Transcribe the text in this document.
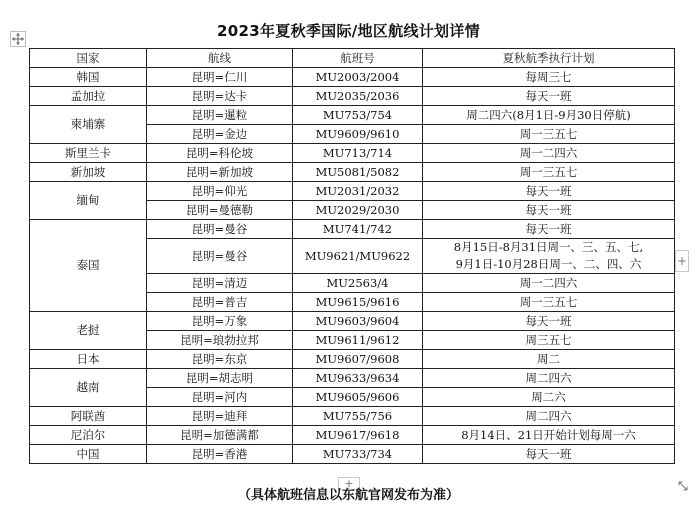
2023年夏秋季国际/地区航线计划详情
国家	航线	航班号	夏秋航季执行计划
韩国	昆明=仁川	MU2003/2004	每周三七
孟加拉	昆明=达卡	MU2035/2036	每天一班
柬埔寨	昆明=暹粒	MU753/754	周二四六(8月1日-9月30日停航)
	昆明=金边	MU9609/9610	周一三五七
斯里兰卡	昆明=科伦坡	MU713/714	周一二四六
新加坡	昆明=新加坡	MU5081/5082	周一三五七
缅甸	昆明=仰光	MU2031/2032	每天一班
	昆明=曼德勒	MU2029/2030	每天一班
泰国	昆明=曼谷	MU741/742	每天一班
	昆明=曼谷	MU9621/MU9622	8月15日-8月31日周一、三、五、七,
9月1日-10月28日周一、二、四、六

	昆明=清迈	MU2563/4	周一二四六
	昆明=普吉	MU9615/9616	周一三五七
老挝	昆明=万象	MU9603/9604	每天一班
	昆明=琅勃拉邦	MU9611/9612	周三五七
日本	昆明=东京	MU9607/9608	周二
越南	昆明=胡志明	MU9633/9634	周二四六
	昆明=河内	MU9605/9606	周二六
阿联酋	昆明=迪拜	MU755/756	周二四六
尼泊尔	昆明=加德满都	MU9617/9618	8月14日、21日开始计划每周一六
中国	昆明=香港	MU733/734	每天一班
+
+
（具体航班信息以东航官网发布为准）
